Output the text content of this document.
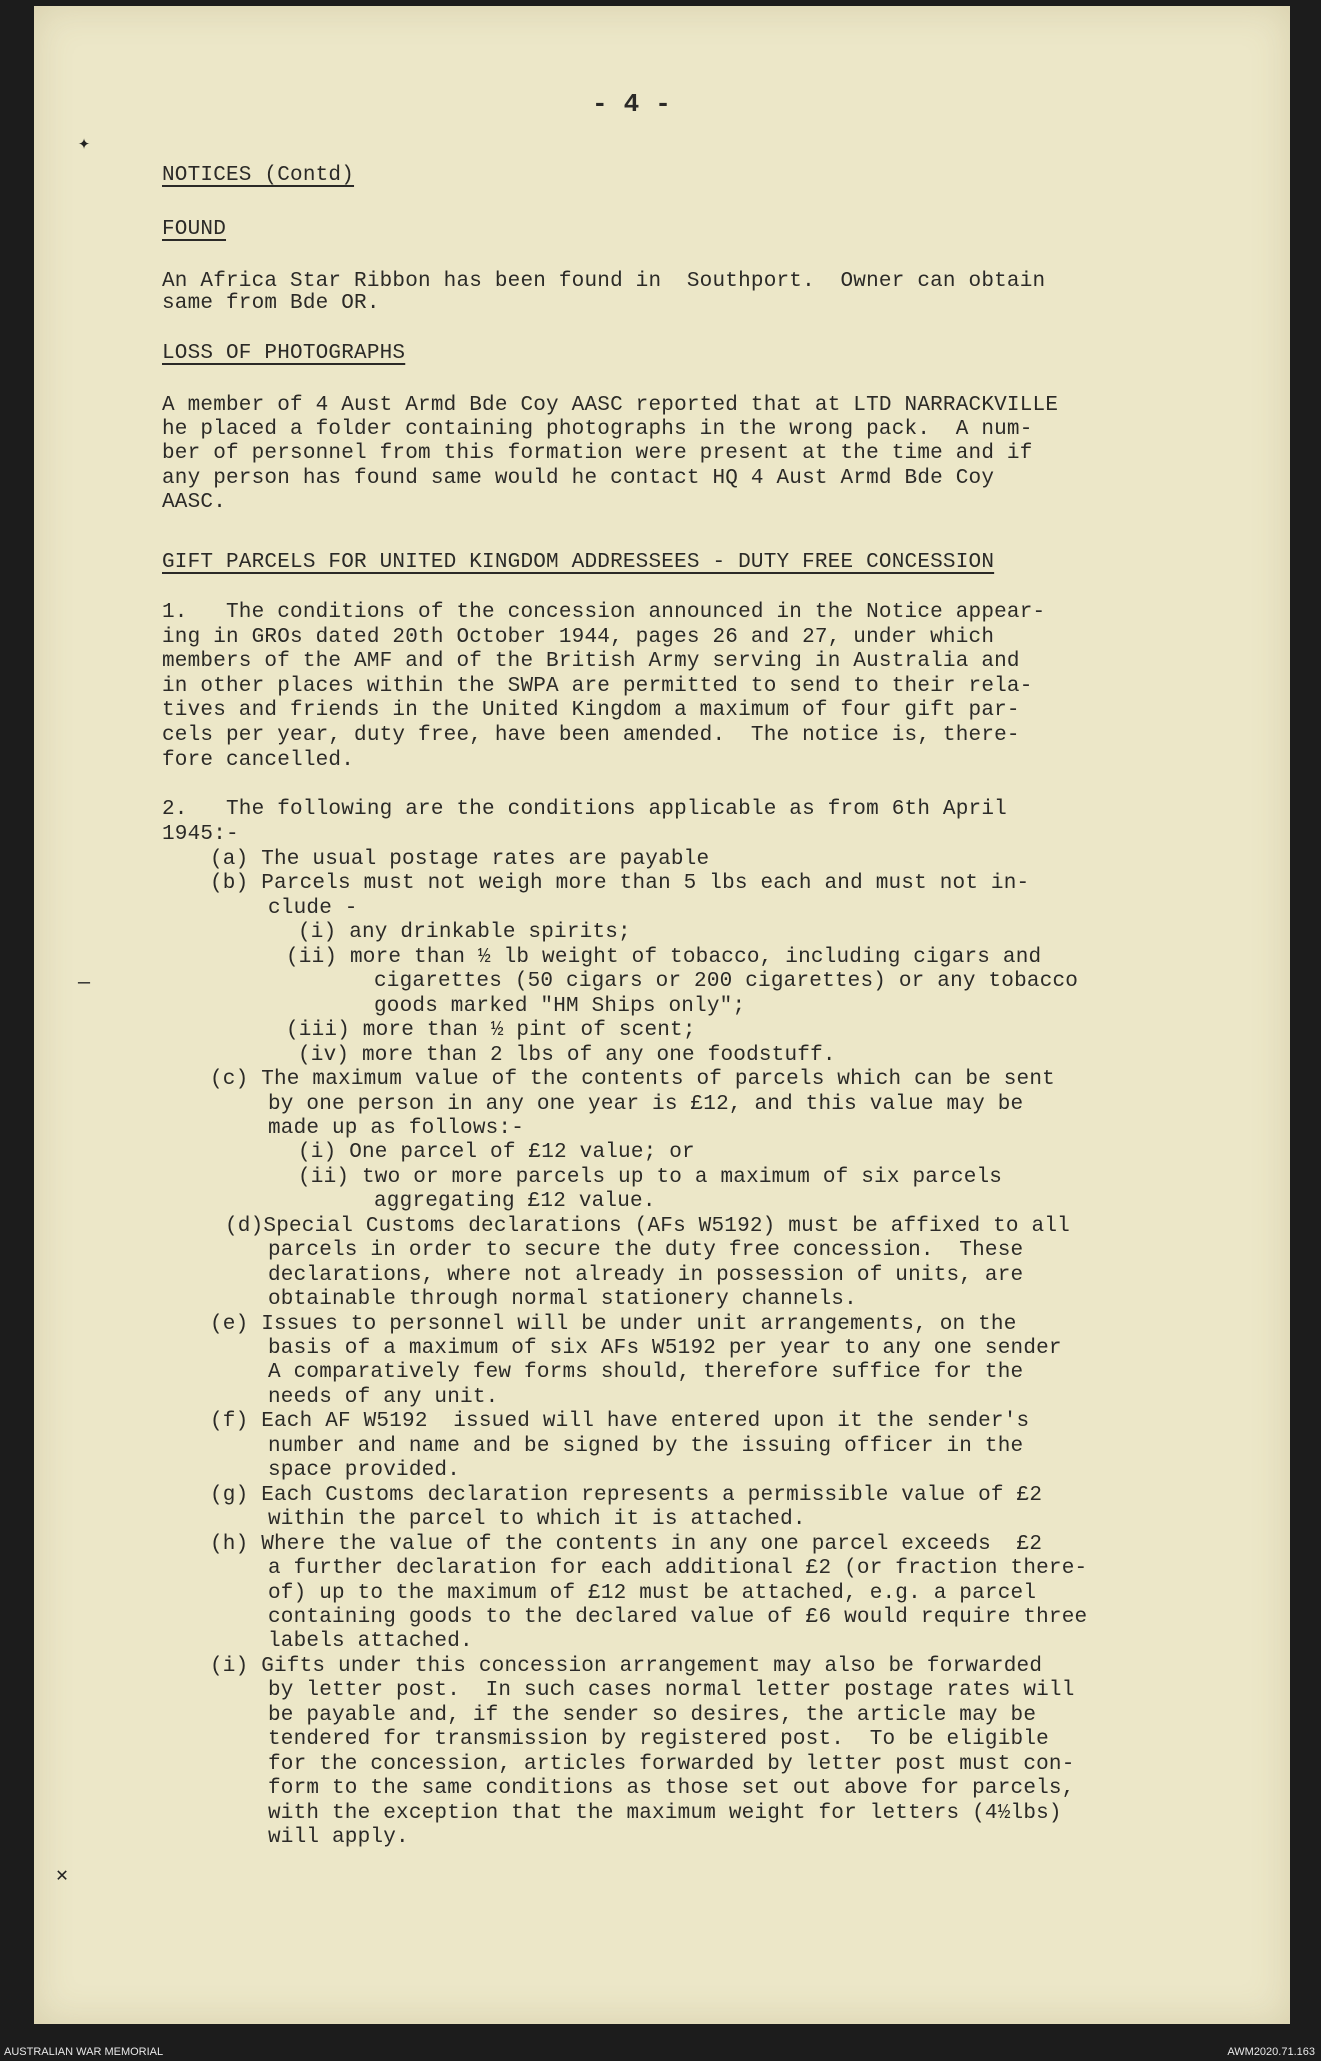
✦
—
✕
- 4 -
NOTICES (Contd)
FOUND
An Africa Star Ribbon has been found in  Southport.  Owner can obtain
same from Bde OR.
LOSS OF PHOTOGRAPHS
A member of 4 Aust Armd Bde Coy AASC reported that at LTD NARRACKVILLE
he placed a folder containing photographs in the wrong pack.  A num-
ber of personnel from this formation were present at the time and if
any person has found same would he contact HQ 4 Aust Armd Bde Coy
AASC.
GIFT PARCELS FOR UNITED KINGDOM ADDRESSEES - DUTY FREE CONCESSION
1.   The conditions of the concession announced in the Notice appear-
ing in GROs dated 20th October 1944, pages 26 and 27, under which
members of the AMF and of the British Army serving in Australia and
in other places within the SWPA are permitted to send to their rela-
tives and friends in the United Kingdom a maximum of four gift par-
cels per year, duty free, have been amended.  The notice is, there-
fore cancelled.
2.   The following are the conditions applicable as from 6th April
1945:-
(a) The usual postage rates are payable
(b) Parcels must not weigh more than 5 lbs each and must not in-
clude -
(i) any drinkable spirits;
(ii) more than ½ lb weight of tobacco, including cigars and
cigarettes (50 cigars or 200 cigarettes) or any tobacco
goods marked "HM Ships only";
(iii) more than ½ pint of scent;
(iv) more than 2 lbs of any one foodstuff.
(c) The maximum value of the contents of parcels which can be sent
by one person in any one year is £12, and this value may be
made up as follows:-
(i) One parcel of £12 value; or
(ii) two or more parcels up to a maximum of six parcels
aggregating £12 value.
(d)Special Customs declarations (AFs W5192) must be affixed to all
parcels in order to secure the duty free concession.  These
declarations, where not already in possession of units, are
obtainable through normal stationery channels.
(e) Issues to personnel will be under unit arrangements, on the
basis of a maximum of six AFs W5192 per year to any one sender
A comparatively few forms should, therefore suffice for the
needs of any unit.
(f) Each AF W5192  issued will have entered upon it the sender's
number and name and be signed by the issuing officer in the
space provided.
(g) Each Customs declaration represents a permissible value of £2
within the parcel to which it is attached.
(h) Where the value of the contents in any one parcel exceeds  £2
a further declaration for each additional £2 (or fraction there-
of) up to the maximum of £12 must be attached, e.g. a parcel
containing goods to the declared value of £6 would require three
labels attached.
(i) Gifts under this concession arrangement may also be forwarded
by letter post.  In such cases normal letter postage rates will
be payable and, if the sender so desires, the article may be
tendered for transmission by registered post.  To be eligible
for the concession, articles forwarded by letter post must con-
form to the same conditions as those set out above for parcels,
with the exception that the maximum weight for letters (4½lbs)
will apply.
AUSTRALIAN WAR MEMORIAL	AWM2020.71.163
